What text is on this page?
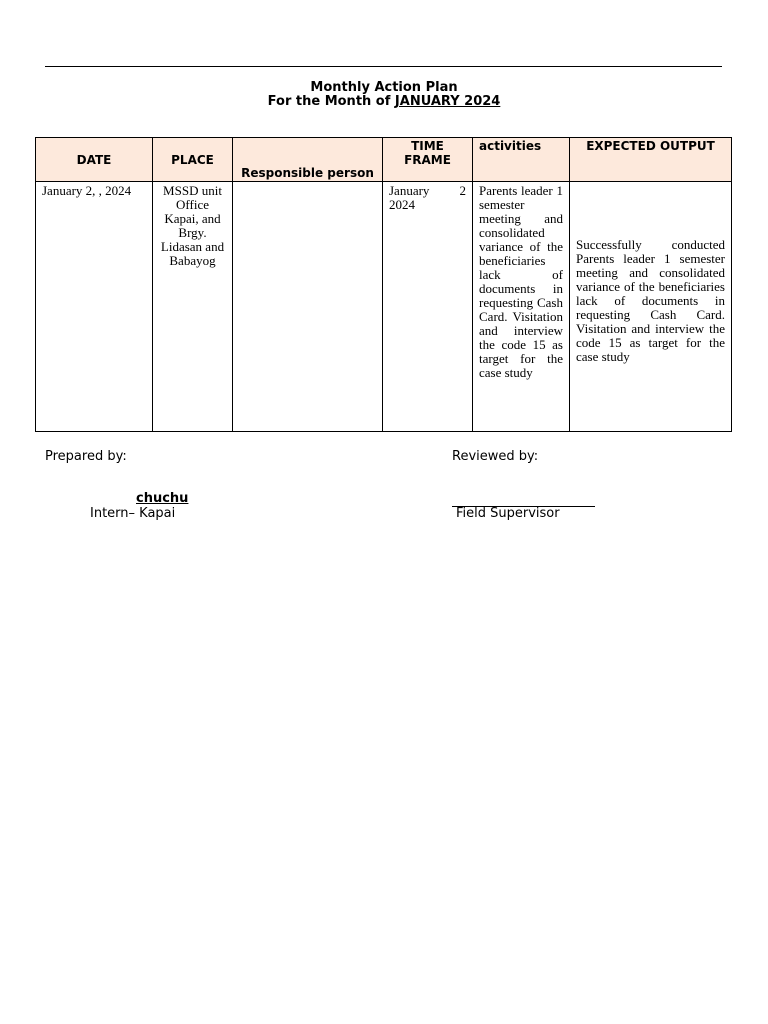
Monthly Action Plan
For the Month of JANUARY 2024
DATE	PLACE	Responsible person	TIME FRAME	activities	EXPECTED OUTPUT
January 2, , 2024	MSSD unit Office Kapai, and Brgy. Lidasan and Babayog		January 2 2024	Parents leader 1 semester meeting and consolidated variance of the beneficiaries lack of documents in requesting Cash Card. Visitation and interview the code 15 as target for the case study	Successfully conducted Parents leader 1 semester meeting and consolidated variance of the beneficiaries lack of documents in requesting Cash Card. Visitation and interview the code 15 as target for the case study
Prepared by:	Reviewed by:
chuchu
Intern– Kapai	Field Supervisor
